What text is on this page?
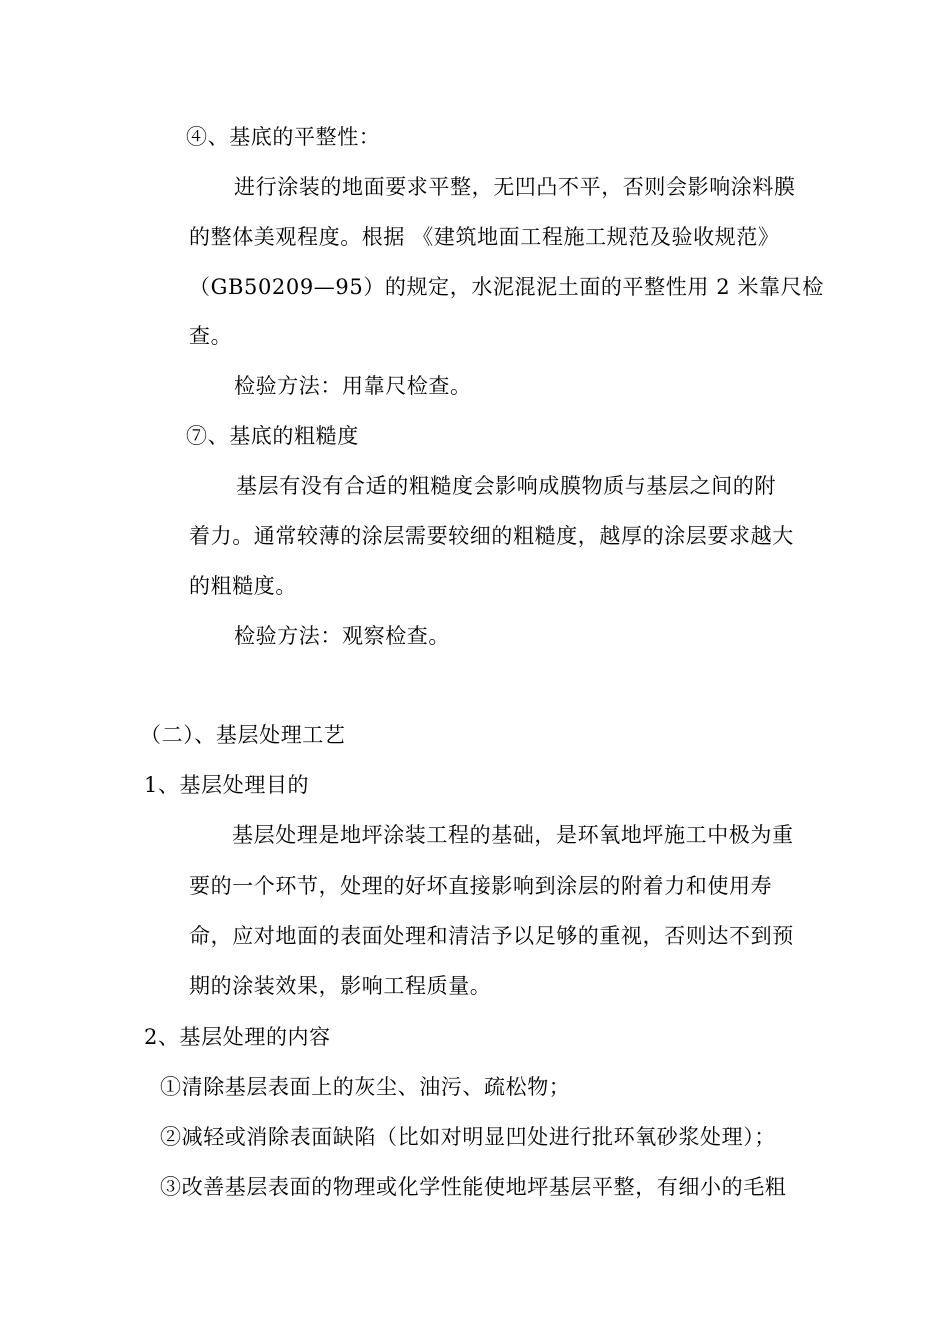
④、基底的平整性：
进行涂装的地面要求平整，无凹凸不平，否则会影响涂料膜
的整体美观程度。根据 《建筑地面工程施工规范及验收规范》
（GB50209—95）的规定，水泥混泥土面的平整性用 2 米靠尺检
查。
检验方法：用靠尺检查。
⑦、基底的粗糙度
基层有没有合适的粗糙度会影响成膜物质与基层之间的附
着力。通常较薄的涂层需要较细的粗糙度，越厚的涂层要求越大
的粗糙度。
检验方法：观察检查。
（二）、基层处理工艺
1、基层处理目的
基层处理是地坪涂装工程的基础，是环氧地坪施工中极为重
要的一个环节，处理的好坏直接影响到涂层的附着力和使用寿
命，应对地面的表面处理和清洁予以足够的重视，否则达不到预
期的涂装效果，影响工程质量。
2、基层处理的内容
①清除基层表面上的灰尘、油污、疏松物；
②减轻或消除表面缺陷（比如对明显凹处进行批环氧砂浆处理）；
③改善基层表面的物理或化学性能使地坪基层平整，有细小的毛粗
